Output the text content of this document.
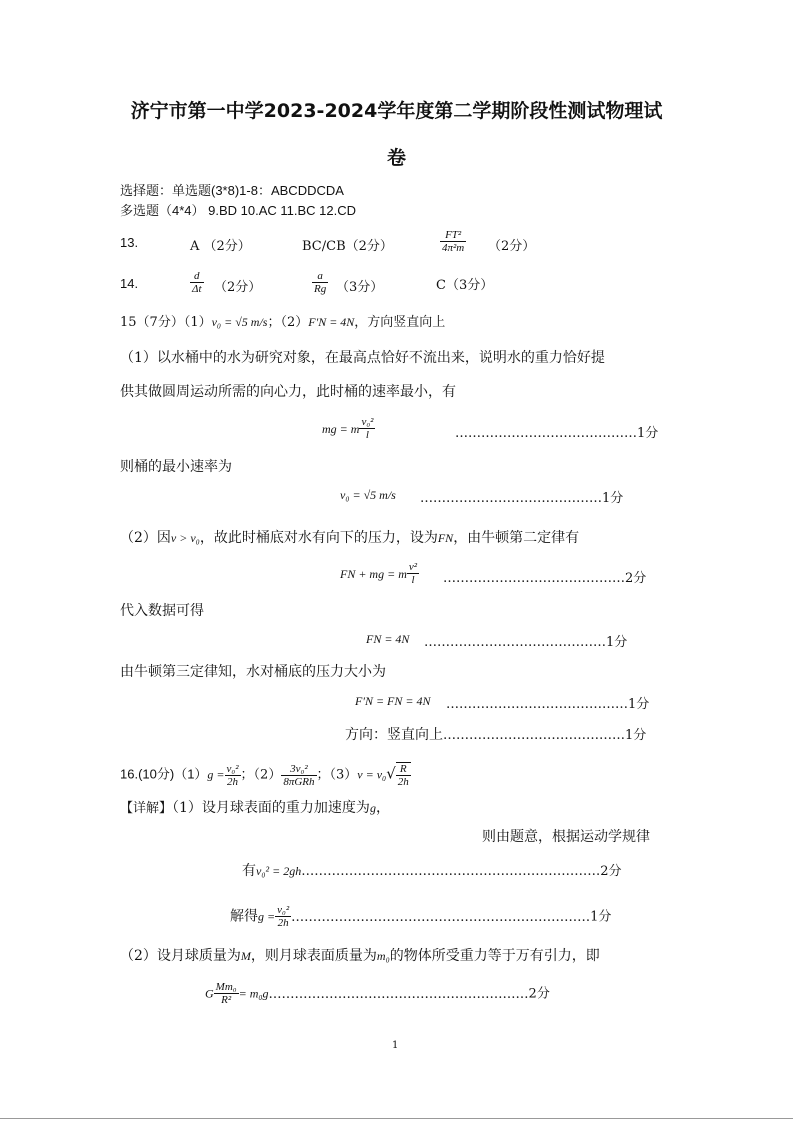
济宁市第一中学2023-2024学年度第二学期阶段性测试物理试
卷
选择题：单选题(3*8)1-8：ABCDDCDA
多选题（4*4） 9.BD 10.AC 11.BC 12.CD
13.	A （2分）	BC/CB（2分）	$\frac{\text{FT²}}{\text{4π²m}} (2$分）
14.	$\frac{d}{\Delta t} (2$分）	$\frac{a}{Rg} (3$分）	C（3分）
15（7分）（1）v₀ = √5 m/s；（2）F′N = 4N，方向竖直向上
（1）以水桶中的水为研究对象，在最高点恰好不流出来，说明水的重力恰好提
供其做圆周运动所需的向心力，此时桶的速率最小，有
mg = m $\frac{\text{v₀²}}{l}$	……………………………………1分
则桶的最小速率为
v₀ = √5 m/s ……………………………………1分
（2）因v > v₀，故此时桶底对水有向下的压力，设为FN，由牛顿第二定律有
FN + mg = m $\frac{\text{v²}}{l}$ ……………………………………2分
代入数据可得
FN = 4N ……………………………………1分
由牛顿第三定律知，水对桶底的压力大小为
F′N = FN = 4N ……………………………………1分
方向：竖直向上……………………………………1分
16.(10分)$(1)g = \frac{\text{v₀²}}{2h}$ ；$(2) \frac{\text{3v₀²}}{\text{8πGRh}}$ ；$(3)v = v_0√ \frac{R}{2h}$
【详解】（1）设月球表面的重力加速度为g，
则由题意，根据运动学规律
有v₀² = 2gh……………………………………………………………2分
解得$g = \frac{\text{v₀²}}{2h}$ ……………………………………………………………1分
（2）设月球质量为M，则月球表面质量为m₀的物体所受重力等于万有引力，即
G $\frac{\text{Mm₀}}{\text{R²}}$ = m₀g……………………………………………………2分
1
